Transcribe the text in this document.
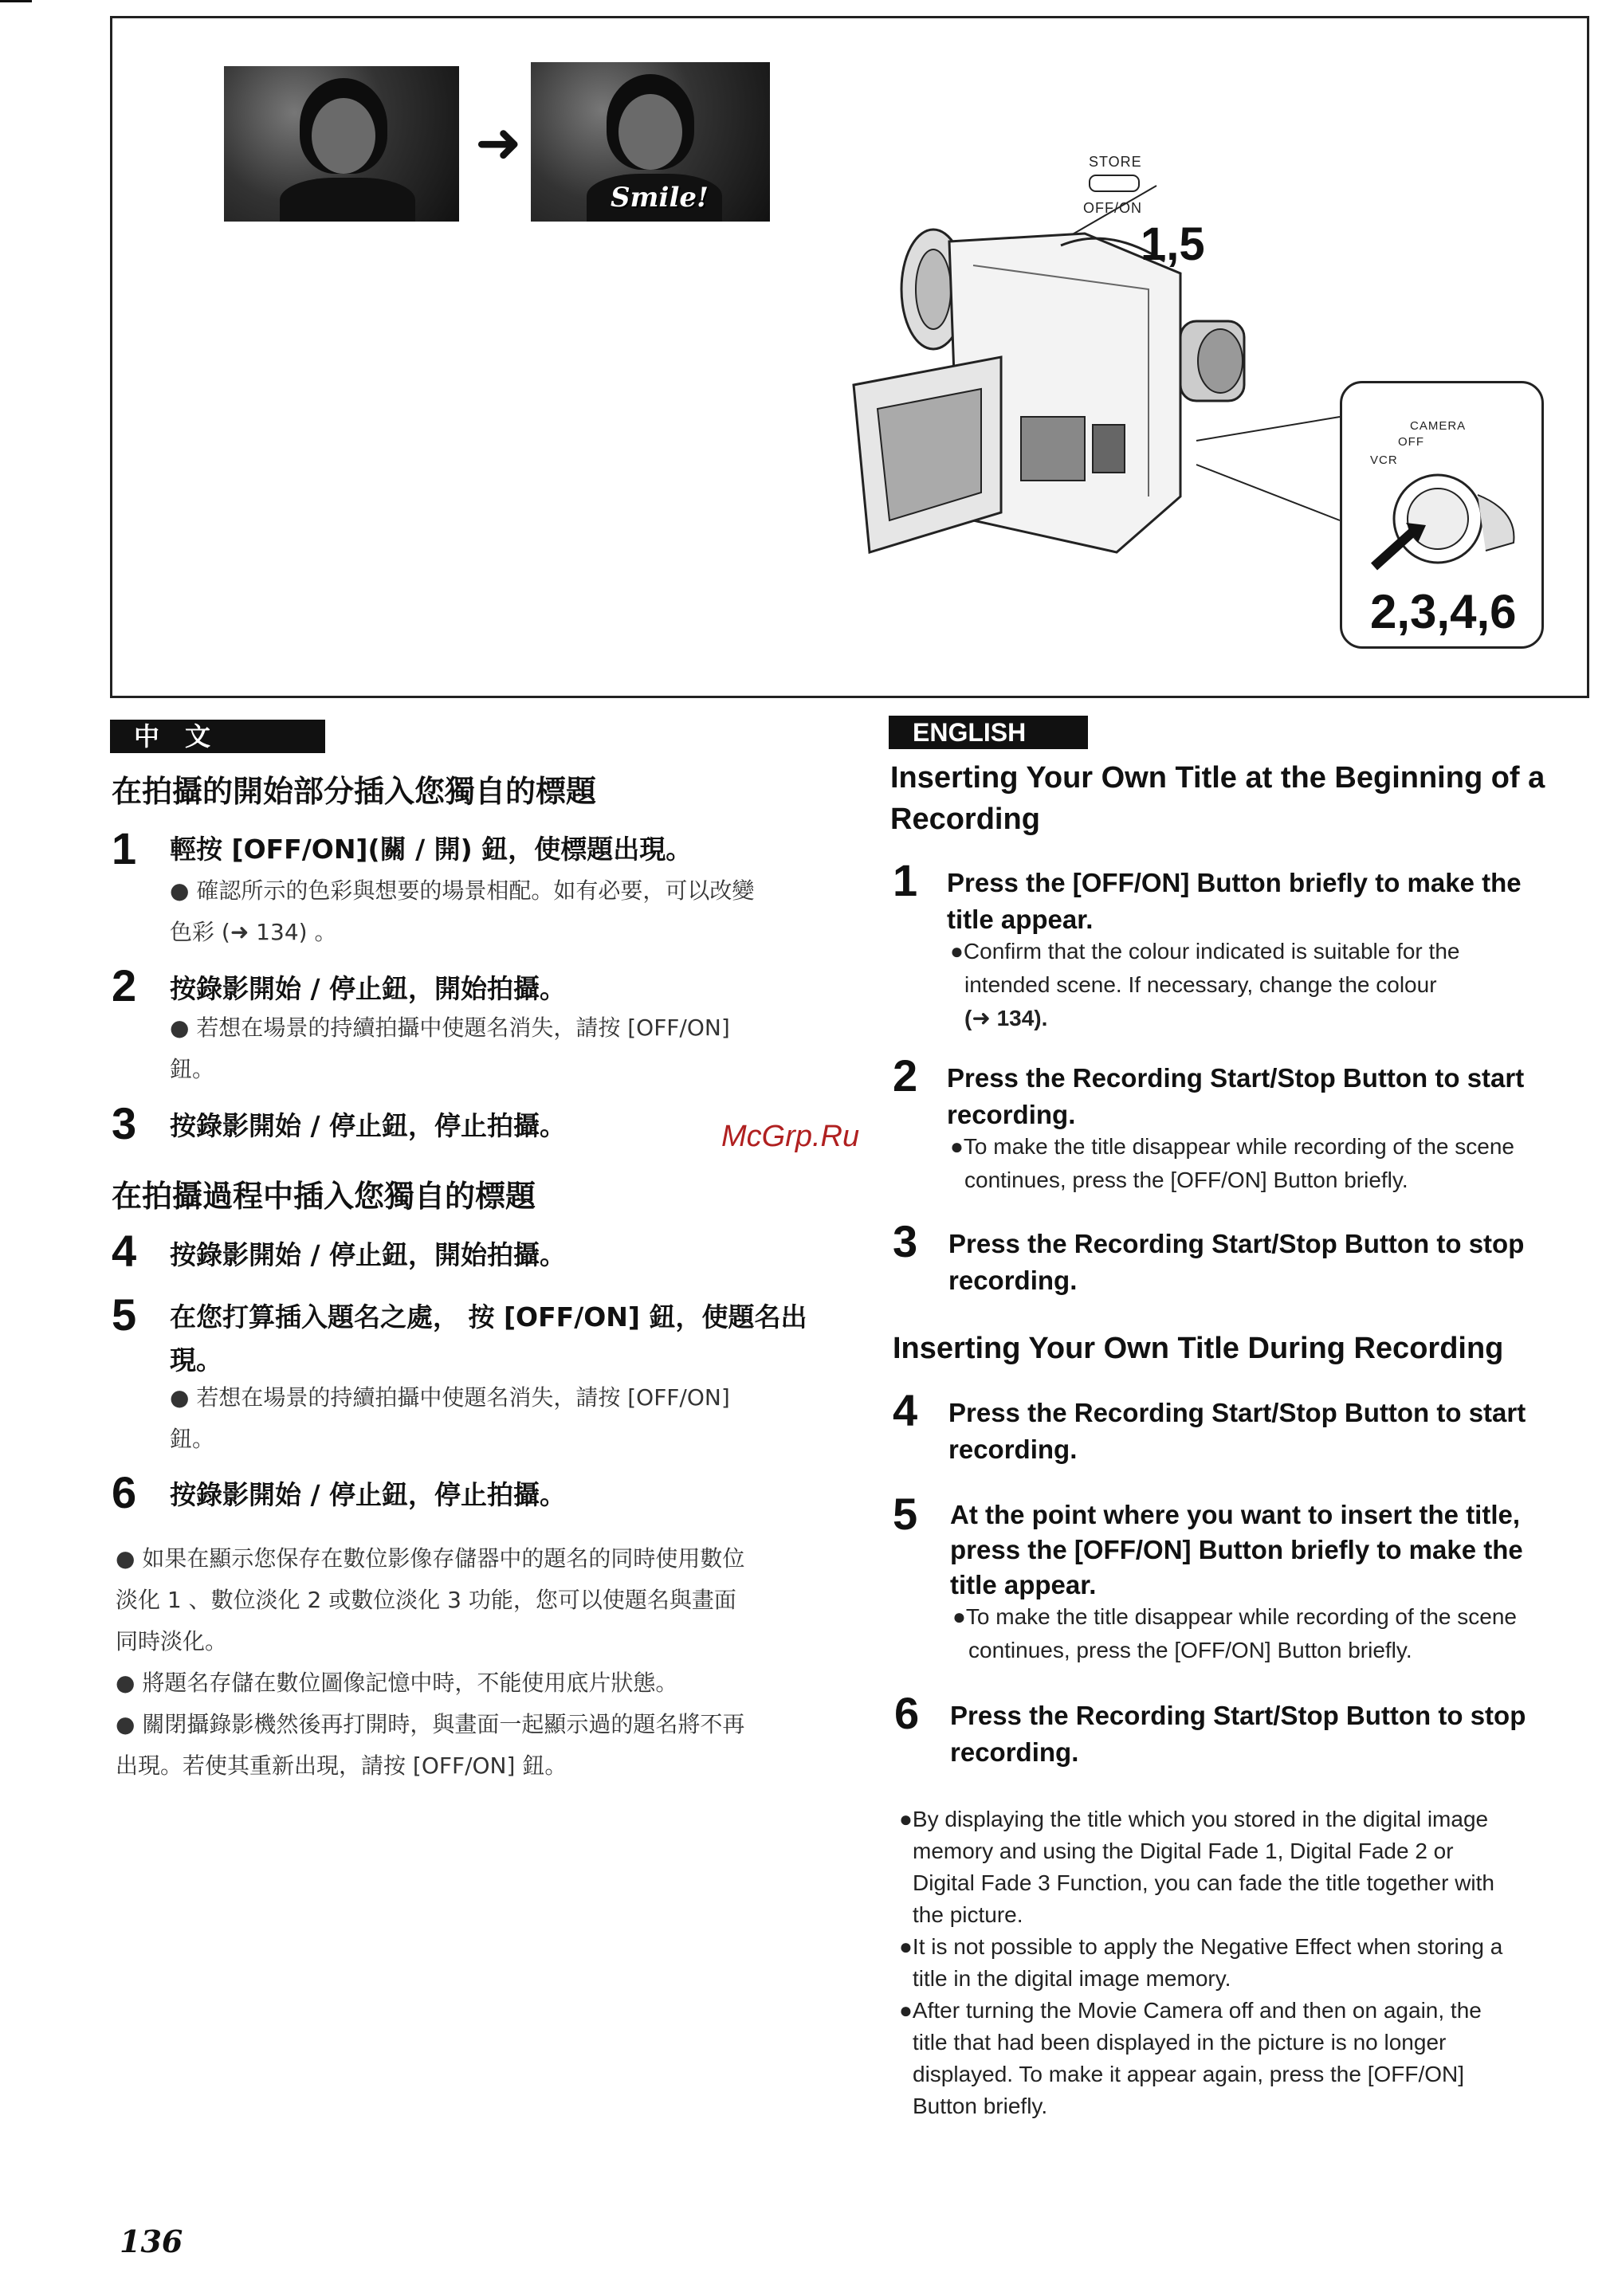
➜
Smile!
STORE
OFF/ON
1,5
CAMERA
OFF
VCR
2,3,4,6
中　文
在拍攝的開始部分插入您獨自的標題
1 輕按 [OFF/ON](關 / 開) 鈕，使標題出現。
● 確認所示的色彩與想要的場景相配。如有必要，可以改變
色彩 (➜ 134) 。
2 按錄影開始 / 停止鈕，開始拍攝。
● 若想在場景的持續拍攝中使題名消失，請按 [OFF/ON]
鈕。
3 按錄影開始 / 停止鈕，停止拍攝。
在拍攝過程中插入您獨自的標題
4 按錄影開始 / 停止鈕，開始拍攝。
5 在您打算插入題名之處， 按 [OFF/ON] 鈕，使題名出
現。
● 若想在場景的持續拍攝中使題名消失，請按 [OFF/ON]
鈕。
6 按錄影開始 / 停止鈕，停止拍攝。
● 如果在顯示您保存在數位影像存儲器中的題名的同時使用數位
淡化 1 、數位淡化 2 或數位淡化 3 功能，您可以使題名與畫面
同時淡化。
● 將題名存儲在數位圖像記憶中時，不能使用底片狀態。
● 關閉攝錄影機然後再打開時，與畫面一起顯示過的題名將不再
出現。若使其重新出現，請按 [OFF/ON] 鈕。
ENGLISH
Inserting Your Own Title at the Beginning of a
Recording
1 Press the [OFF/ON] Button briefly to make the
title appear.
●Confirm that the colour indicated is suitable for the
intended scene. If necessary, change the colour
(➜ 134).
2 Press the Recording Start/Stop Button to start
recording.
●To make the title disappear while recording of the scene
continues, press the [OFF/ON] Button briefly.
3 Press the Recording Start/Stop Button to stop
recording.
Inserting Your Own Title During Recording
4 Press the Recording Start/Stop Button to start
recording.
5 At the point where you want to insert the title,
press the [OFF/ON] Button briefly to make the
title appear.
●To make the title disappear while recording of the scene
continues, press the [OFF/ON] Button briefly.
6 Press the Recording Start/Stop Button to stop
recording.
●By displaying the title which you stored in the digital image
memory and using the Digital Fade 1, Digital Fade 2 or
Digital Fade 3 Function, you can fade the title together with
the picture.
●It is not possible to apply the Negative Effect when storing a
title in the digital image memory.
●After turning the Movie Camera off and then on again, the
title that had been displayed in the picture is no longer
displayed. To make it appear again, press the [OFF/ON]
Button briefly.
McGrp.Ru
136
